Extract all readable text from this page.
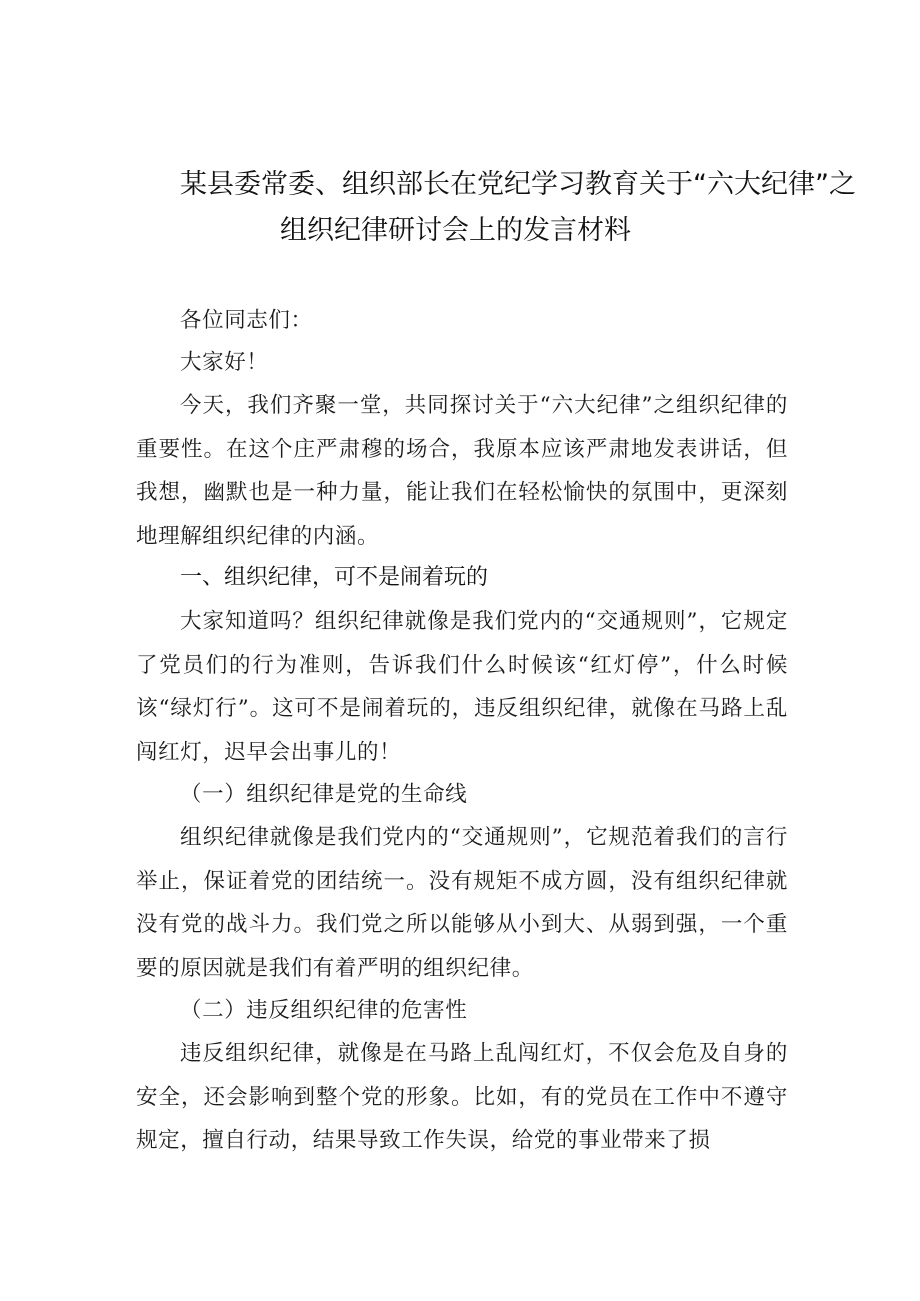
某县委常委、组织部长在党纪学习教育关于“六大纪律”之
组织纪律研讨会上的发言材料

各位同志们：

大家好！

今天，我们齐聚一堂，共同探讨关于“六大纪律”之组织纪律的重要性。在这个庄严肃穆的场合，我原本应该严肃地发表讲话，但我想，幽默也是一种力量，能让我们在轻松愉快的氛围中，更深刻地理解组织纪律的内涵。

一、组织纪律，可不是闹着玩的

大家知道吗？组织纪律就像是我们党内的“交通规则”，它规定了党员们的行为准则，告诉我们什么时候该“红灯停”，什么时候该“绿灯行”。这可不是闹着玩的，违反组织纪律，就像在马路上乱闯红灯，迟早会出事儿的！

（一）组织纪律是党的生命线

组织纪律就像是我们党内的“交通规则”，它规范着我们的言行举止，保证着党的团结统一。没有规矩不成方圆，没有组织纪律就没有党的战斗力。我们党之所以能够从小到大、从弱到强，一个重要的原因就是我们有着严明的组织纪律。

（二）违反组织纪律的危害性

违反组织纪律，就像是在马路上乱闯红灯，不仅会危及自身的安全，还会影响到整个党的形象。比如，有的党员在工作中不遵守规定，擅自行动，结果导致工作失误，给党的事业带来了损
